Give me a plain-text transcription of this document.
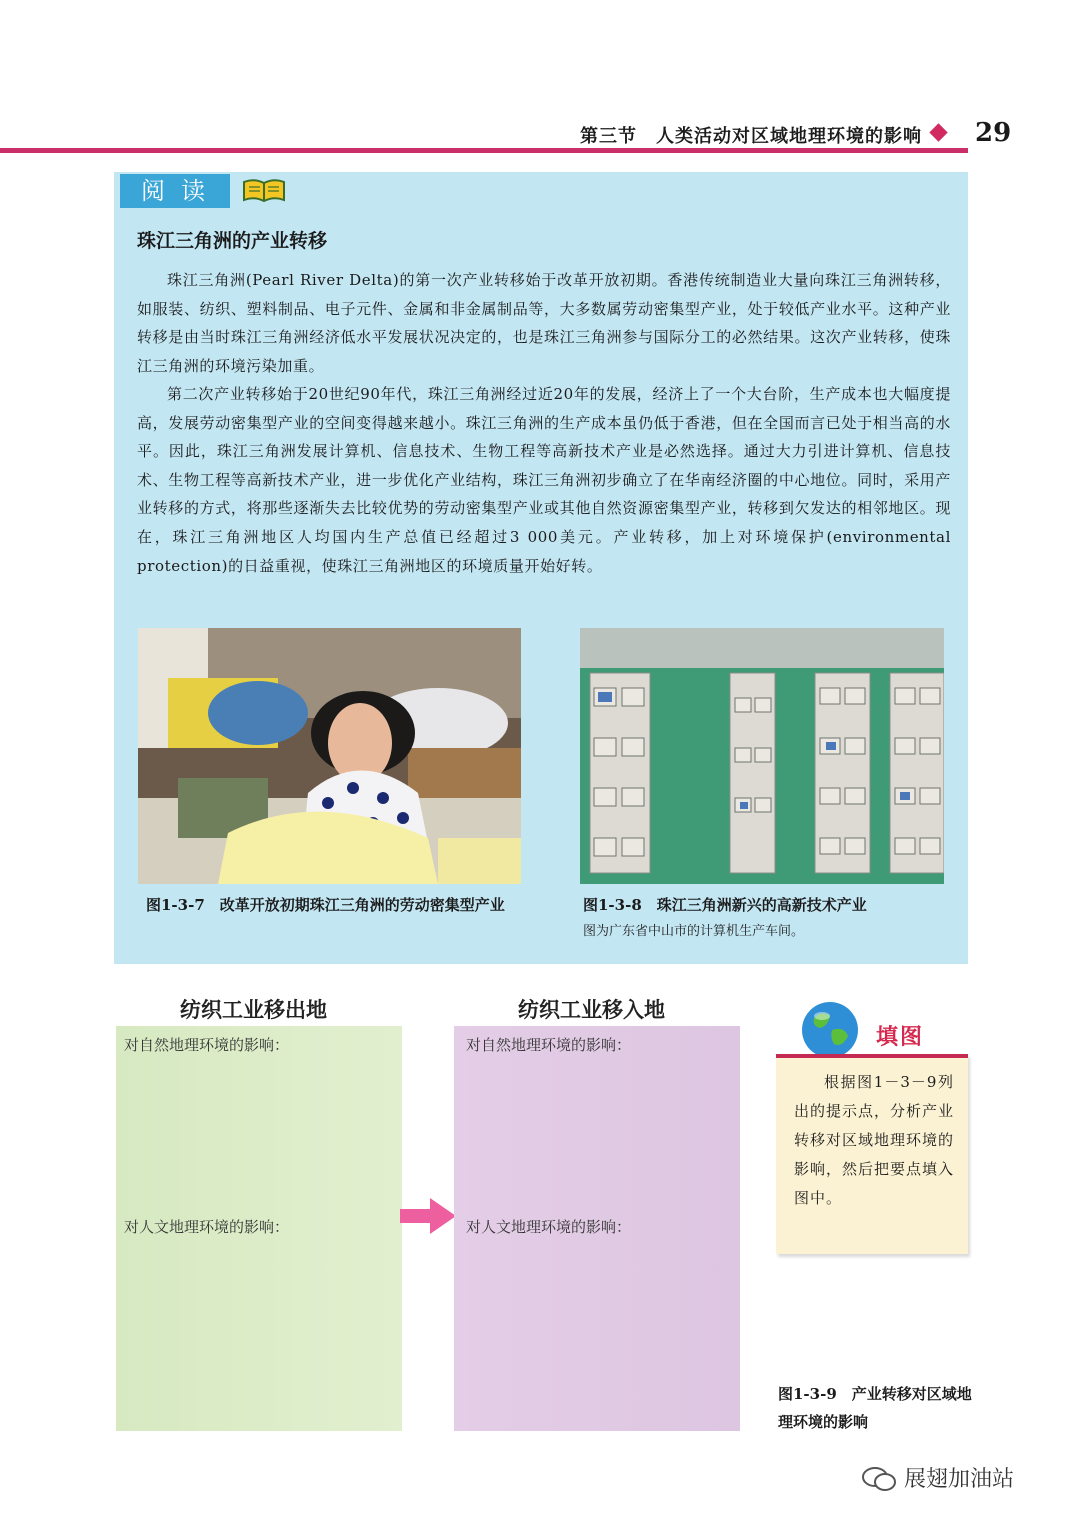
第三节　人类活动对区域地理环境的影响 29
阅读
珠江三角洲的产业转移
珠江三角洲(Pearl River Delta)的第一次产业转移始于改革开放初期。香港传统制造业大量向珠江三角洲转移，如服装、纺织、塑料制品、电子元件、金属和非金属制品等，大多数属劳动密集型产业，处于较低产业水平。这种产业转移是由当时珠江三角洲经济低水平发展状况决定的，也是珠江三角洲参与国际分工的必然结果。这次产业转移，使珠江三角洲的环境污染加重。
第二次产业转移始于20世纪90年代，珠江三角洲经过近20年的发展，经济上了一个大台阶，生产成本也大幅度提高，发展劳动密集型产业的空间变得越来越小。珠江三角洲的生产成本虽仍低于香港，但在全国而言已处于相当高的水平。因此，珠江三角洲发展计算机、信息技术、生物工程等高新技术产业是必然选择。通过大力引进计算机、信息技术、生物工程等高新技术产业，进一步优化产业结构，珠江三角洲初步确立了在华南经济圈的中心地位。同时，采用产业转移的方式，将那些逐渐失去比较优势的劳动密集型产业或其他自然资源密集型产业，转移到欠发达的相邻地区。现在，珠江三角洲地区人均国内生产总值已经超过3 000美元。产业转移，加上对环境保护(environmental protection)的日益重视，使珠江三角洲地区的环境质量开始好转。
图1-3-7　改革开放初期珠江三角洲的劳动密集型产业	图1-3-8　珠江三角洲新兴的高新技术产业
图为广东省中山市的计算机生产车间。
纺织工业移出地	纺织工业移入地
对自然地理环境的影响：
对人文地理环境的影响：
对自然地理环境的影响：
对人文地理环境的影响：
填图
根据图1－3－9列出的提示点，分析产业转移对区域地理环境的影响，然后把要点填入图中。
图1-3-9　产业转移对区域地理环境的影响
展翅加油站
